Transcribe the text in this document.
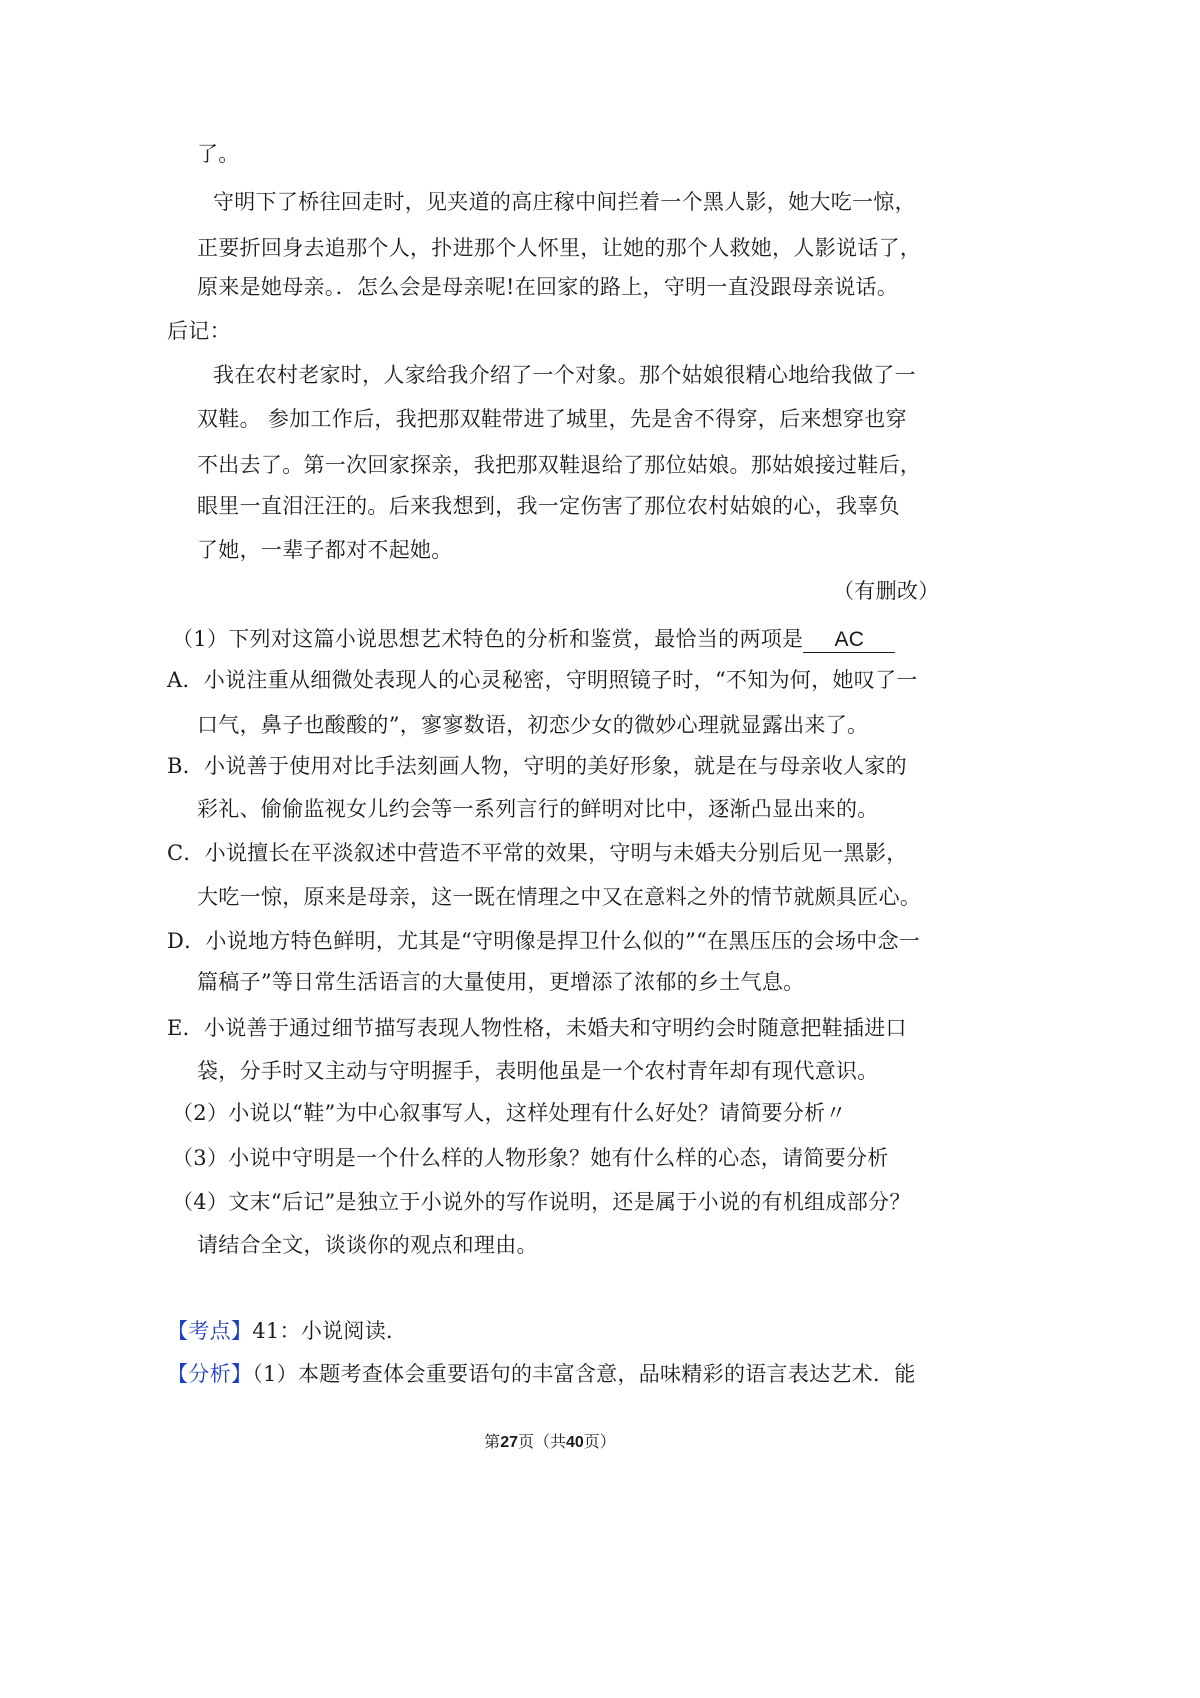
了。
守明下了桥往回走时，见夹道的高庄稼中间拦着一个黑人影，她大吃一惊，
正要折回身去追那个人，扑进那个人怀里，让她的那个人救她，人影说话了，
原来是她母亲。．怎么会是母亲呢!在回家的路上，守明一直没跟母亲说话。
后记：
我在农村老家时，人家给我介绍了一个对象。那个姑娘很精心地给我做了一
双鞋。 参加工作后，我把那双鞋带进了城里，先是舍不得穿，后来想穿也穿
不出去了。第一次回家探亲，我把那双鞋退给了那位姑娘。那姑娘接过鞋后，
眼里一直泪汪汪的。后来我想到，我一定伤害了那位农村姑娘的心，我辜负
了她，一辈子都对不起她。
（有删改）
（1）下列对这篇小说思想艺术特色的分析和鉴赏，最恰当的两项是 AC
A．小说注重从细微处表现人的心灵秘密，守明照镜子时，“不知为何，她叹了一
口气，鼻子也酸酸的”，寥寥数语，初恋少女的微妙心理就显露出来了。
B．小说善于使用对比手法刻画人物，守明的美好形象，就是在与母亲收人家的
彩礼、偷偷监视女儿约会等一系列言行的鲜明对比中，逐渐凸显出来的。
C．小说擅长在平淡叙述中营造不平常的效果，守明与未婚夫分别后见一黑影，
大吃一惊，原来是母亲，这一既在情理之中又在意料之外的情节就颇具匠心。
D．小说地方特色鲜明，尤其是“守明像是捍卫什么似的”“在黑压压的会场中念一
篇稿子”等日常生活语言的大量使用，更增添了浓郁的乡土气息。
E．小说善于通过细节描写表现人物性格，未婚夫和守明约会时随意把鞋插进口
袋，分手时又主动与守明握手，表明他虽是一个农村青年却有现代意识。
（2）小说以“鞋”为中心叙事写人，这样处理有什么好处？请简要分析〃
（3）小说中守明是一个什么样的人物形象？她有什么样的心态，请简要分析
（4）文末“后记”是独立于小说外的写作说明，还是属于小说的有机组成部分？
请结合全文，谈谈你的观点和理由。
【考点】41：小说阅读．
【分析】（1）本题考查体会重要语句的丰富含意，品味精彩的语言表达艺术．能
第27页（共40页）
